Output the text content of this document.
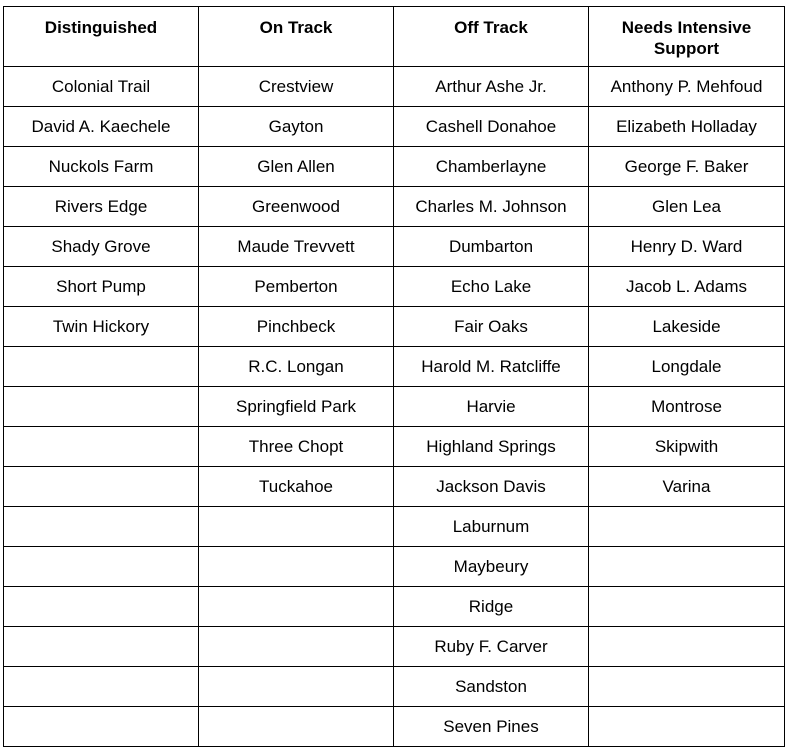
Distinguished	On Track	Off Track	Needs Intensive Support
Colonial Trail	Crestview	Arthur Ashe Jr.	Anthony P. Mehfoud
David A. Kaechele	Gayton	Cashell Donahoe	Elizabeth Holladay
Nuckols Farm	Glen Allen	Chamberlayne	George F. Baker
Rivers Edge	Greenwood	Charles M. Johnson	Glen Lea
Shady Grove	Maude Trevvett	Dumbarton	Henry D. Ward
Short Pump	Pemberton	Echo Lake	Jacob L. Adams
Twin Hickory	Pinchbeck	Fair Oaks	Lakeside
	R.C. Longan	Harold M. Ratcliffe	Longdale
	Springfield Park	Harvie	Montrose
	Three Chopt	Highland Springs	Skipwith
	Tuckahoe	Jackson Davis	Varina
		Laburnum	
		Maybeury	
		Ridge	
		Ruby F. Carver	
		Sandston	
		Seven Pines	
